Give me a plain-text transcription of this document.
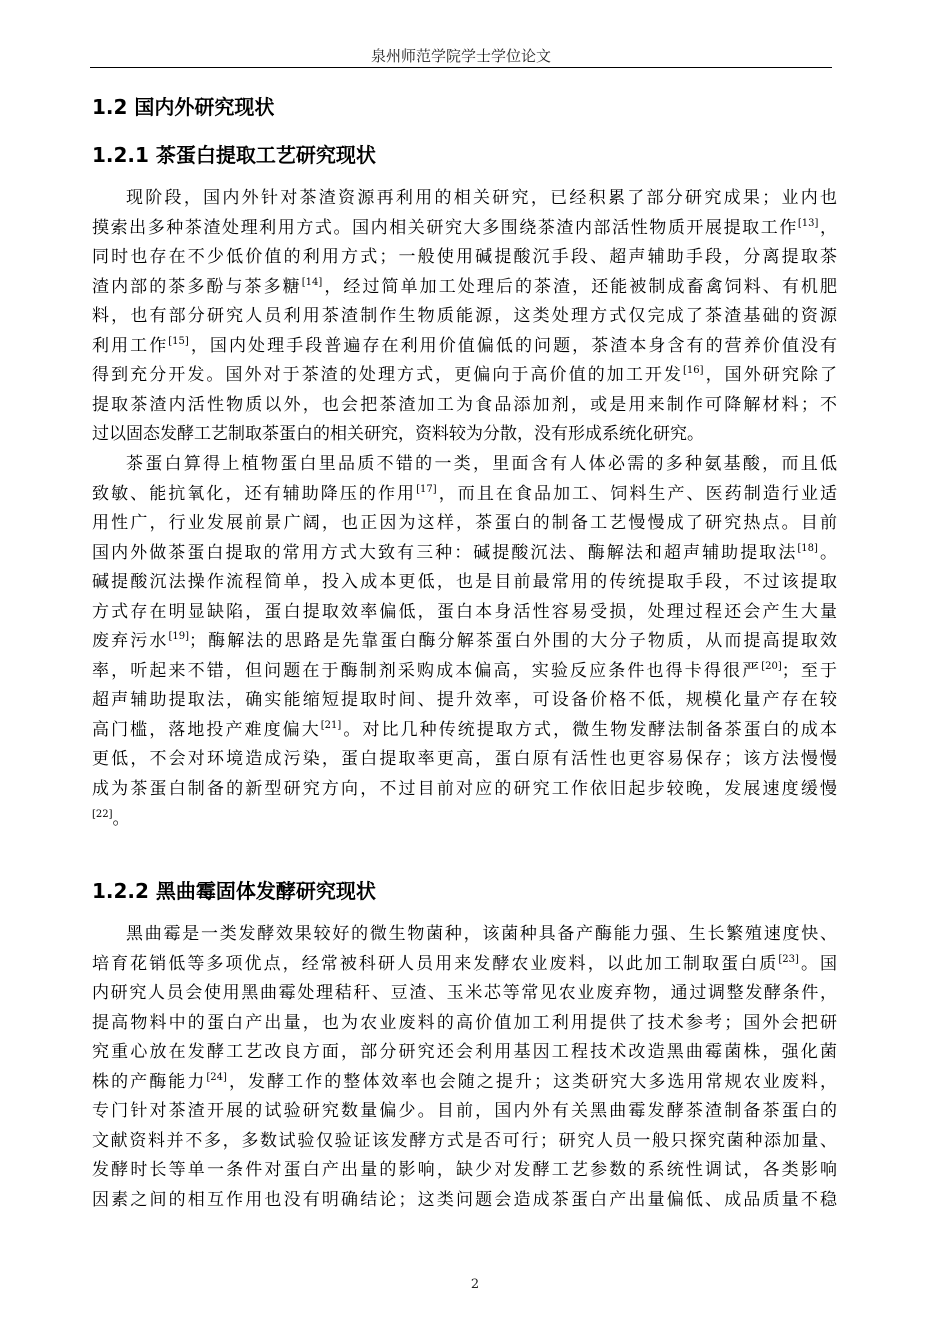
泉州师范学院学士学位论文
1.2 国内外研究现状
1.2.1 茶蛋白提取工艺研究现状
现阶段，国内外针对茶渣资源再利用的相关研究，已经积累了部分研究成果；业内也
摸索出多种茶渣处理利用方式。国内相关研究大多围绕茶渣内部活性物质开展提取工作[13]，
同时也存在不少低价值的利用方式；一般使用碱提酸沉手段、超声辅助手段，分离提取茶
渣内部的茶多酚与茶多糖[14]，经过简单加工处理后的茶渣，还能被制成畜禽饲料、有机肥
料，也有部分研究人员利用茶渣制作生物质能源，这类处理方式仅完成了茶渣基础的资源
利用工作[15]，国内处理手段普遍存在利用价值偏低的问题，茶渣本身含有的营养价值没有
得到充分开发。国外对于茶渣的处理方式，更偏向于高价值的加工开发[16]，国外研究除了
提取茶渣内活性物质以外，也会把茶渣加工为食品添加剂，或是用来制作可降解材料；不
过以固态发酵工艺制取茶蛋白的相关研究，资料较为分散，没有形成系统化研究。
茶蛋白算得上植物蛋白里品质不错的一类，里面含有人体必需的多种氨基酸，而且低
致敏、能抗氧化，还有辅助降压的作用[17]，而且在食品加工、饲料生产、医药制造行业适
用性广，行业发展前景广阔，也正因为这样，茶蛋白的制备工艺慢慢成了研究热点。目前
国内外做茶蛋白提取的常用方式大致有三种：碱提酸沉法、酶解法和超声辅助提取法[18]。
碱提酸沉法操作流程简单，投入成本更低，也是目前最常用的传统提取手段，不过该提取
方式存在明显缺陷，蛋白提取效率偏低，蛋白本身活性容易受损，处理过程还会产生大量
废弃污水[19]；酶解法的思路是先靠蛋白酶分解茶蛋白外围的大分子物质，从而提高提取效
率，听起来不错，但问题在于酶制剂采购成本偏高，实验反应条件也得卡得很严[20]；至于
超声辅助提取法，确实能缩短提取时间、提升效率，可设备价格不低，规模化量产存在较
高门槛，落地投产难度偏大[21]。对比几种传统提取方式，微生物发酵法制备茶蛋白的成本
更低，不会对环境造成污染，蛋白提取率更高，蛋白原有活性也更容易保存；该方法慢慢
成为茶蛋白制备的新型研究方向，不过目前对应的研究工作依旧起步较晚，发展速度缓慢
[22]。
1.2.2 黑曲霉固体发酵研究现状
黑曲霉是一类发酵效果较好的微生物菌种，该菌种具备产酶能力强、生长繁殖速度快、
培育花销低等多项优点，经常被科研人员用来发酵农业废料，以此加工制取蛋白质[23]。国
内研究人员会使用黑曲霉处理秸秆、豆渣、玉米芯等常见农业废弃物，通过调整发酵条件，
提高物料中的蛋白产出量，也为农业废料的高价值加工利用提供了技术参考；国外会把研
究重心放在发酵工艺改良方面，部分研究还会利用基因工程技术改造黑曲霉菌株，强化菌
株的产酶能力[24]，发酵工作的整体效率也会随之提升；这类研究大多选用常规农业废料，
专门针对茶渣开展的试验研究数量偏少。目前，国内外有关黑曲霉发酵茶渣制备茶蛋白的
文献资料并不多，多数试验仅验证该发酵方式是否可行；研究人员一般只探究菌种添加量、
发酵时长等单一条件对蛋白产出量的影响，缺少对发酵工艺参数的系统性调试，各类影响
因素之间的相互作用也没有明确结论；这类问题会造成茶蛋白产出量偏低、成品质量不稳
2
